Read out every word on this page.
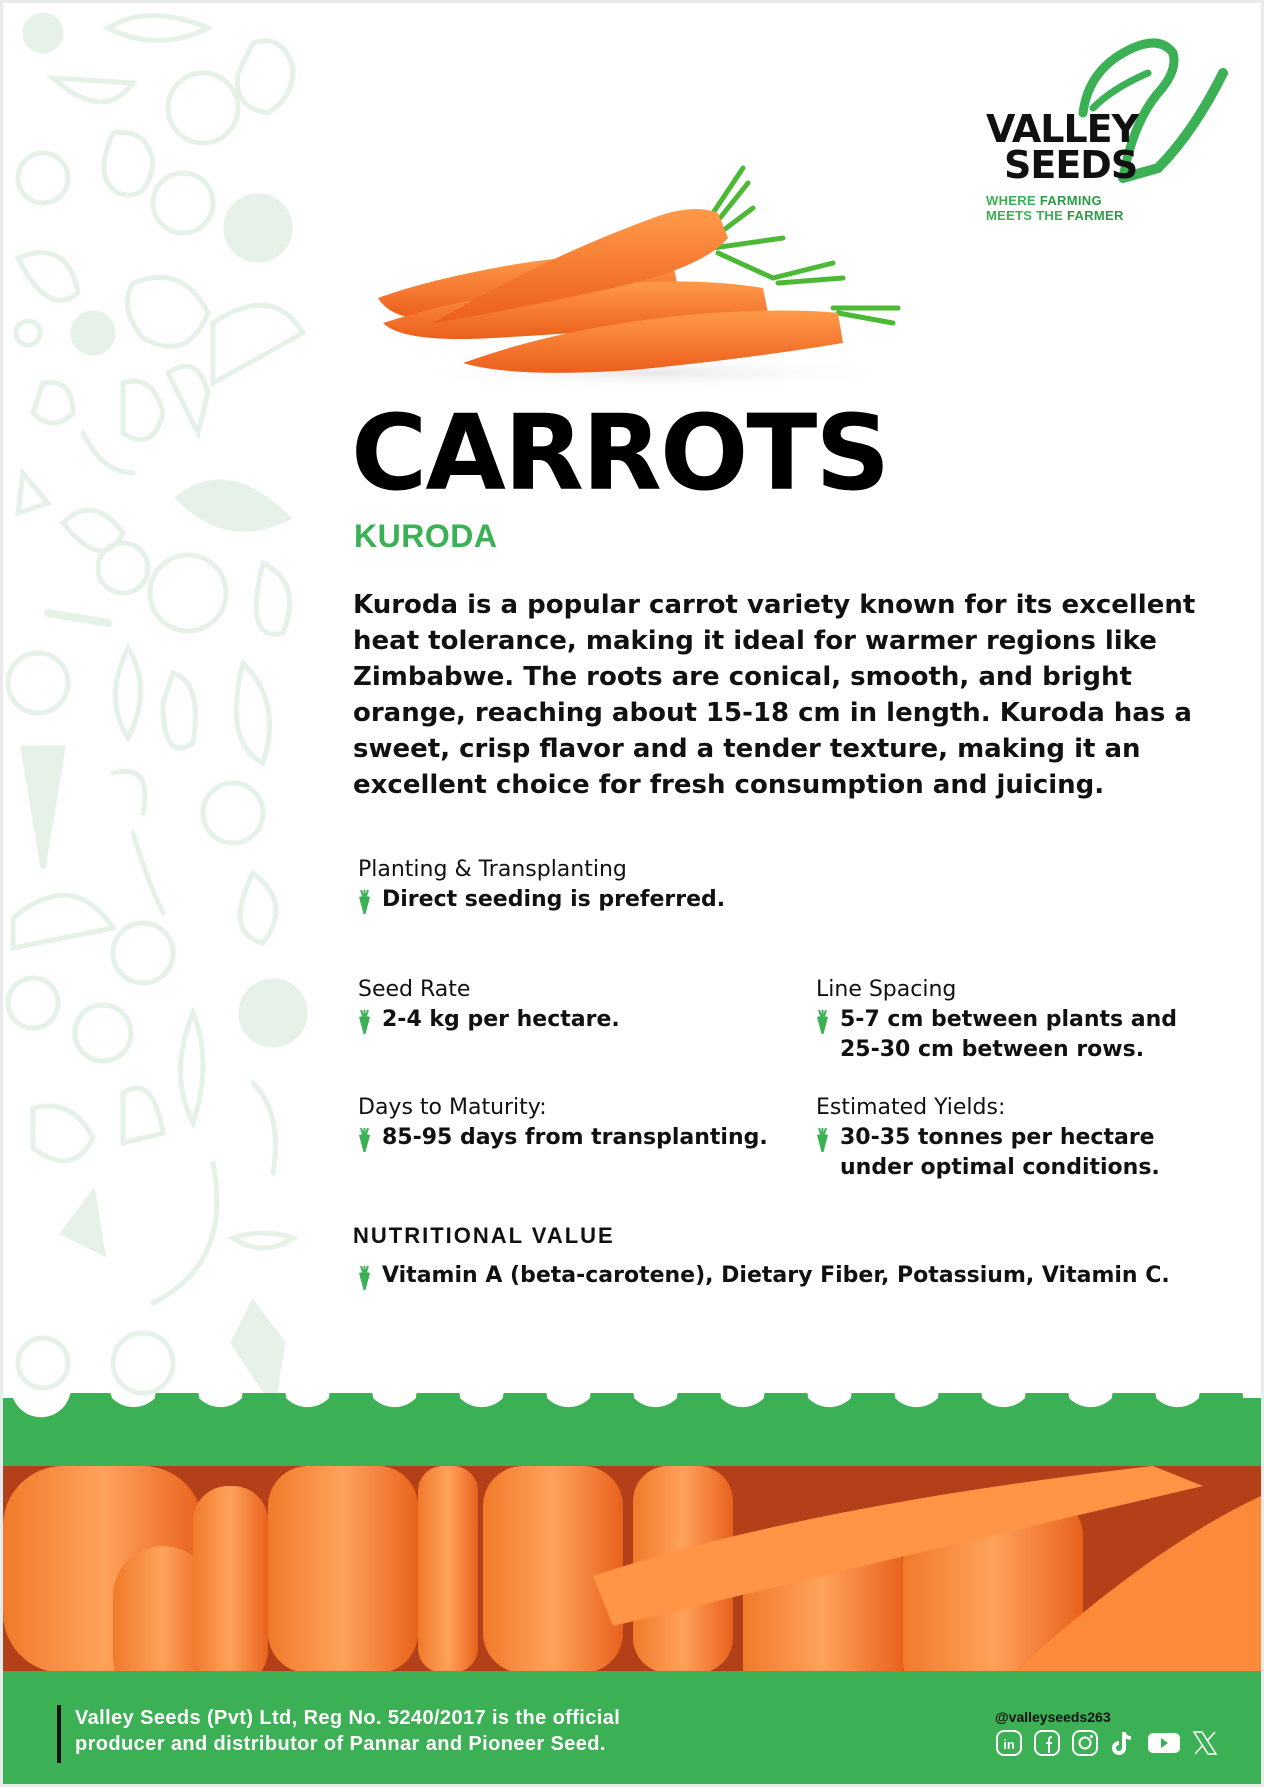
VALLEY
SEEDS
WHERE FARMING
MEETS THE FARMER
CARROTS
KURODA
Kuroda is a popular carrot variety known for its excellent heat tolerance, making it ideal for warmer regions like Zimbabwe. The roots are conical, smooth, and bright orange, reaching about 15-18 cm in length. Kuroda has a sweet, crisp flavor and a tender texture, making it an excellent choice for fresh consumption and juicing.
Planting & Transplanting
Direct seeding is preferred.
Seed Rate
2-4 kg per hectare.
Line Spacing
5-7 cm between plants and
25-30 cm between rows.
Days to Maturity:
85-95 days from transplanting.
Estimated Yields:
30-35 tonnes per hectare
under optimal conditions.
NUTRITIONAL VALUE
Vitamin A (beta-carotene), Dietary Fiber, Potassium, Vitamin C.
Valley Seeds (Pvt) Ltd, Reg No. 5240/2017 is the official
producer and distributor of Pannar and Pioneer Seed.
@valleyseeds263
in
